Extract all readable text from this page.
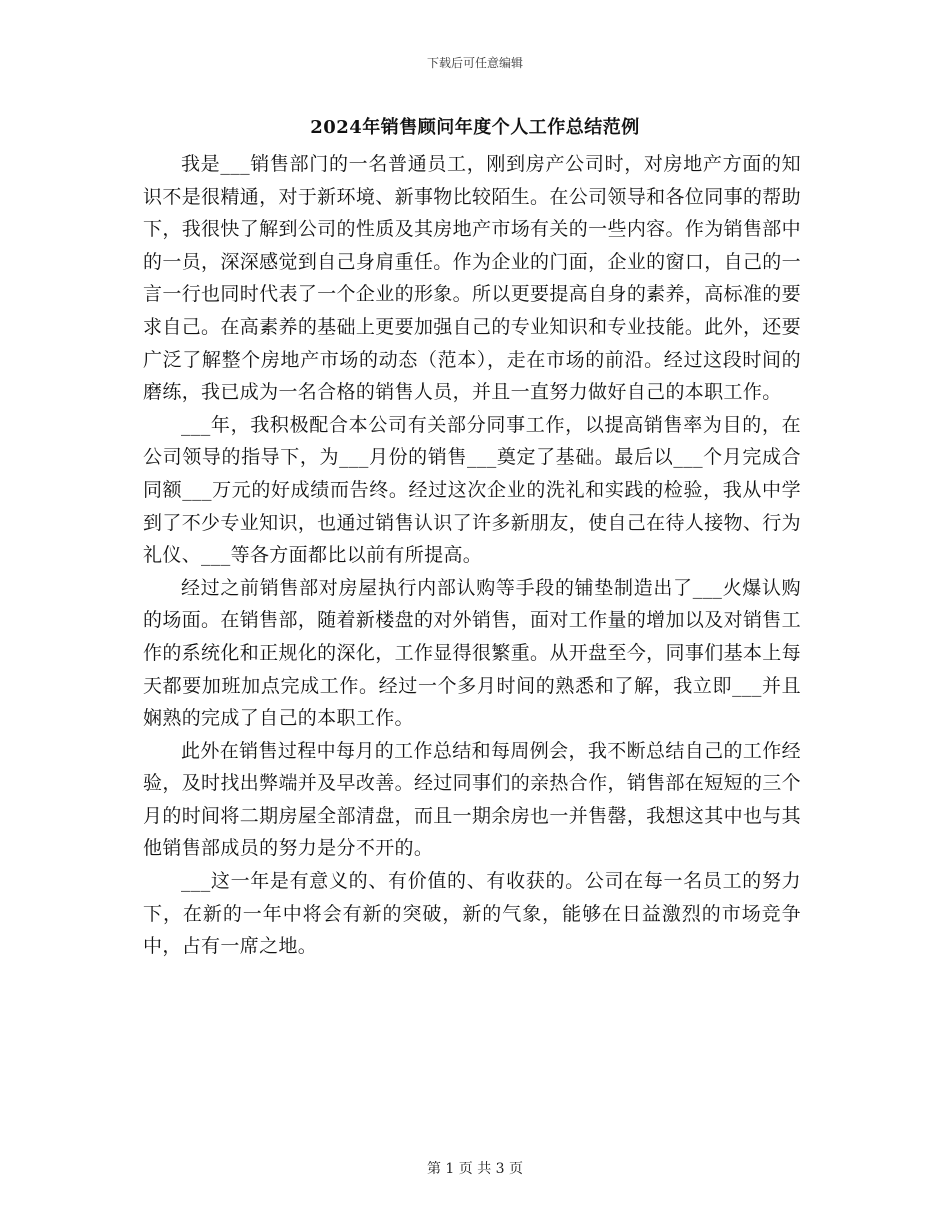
下载后可任意编辑
2024年销售顾问年度个人工作总结范例

我是___销售部门的一名普通员工，刚到房产公司时，对房地产方面的知识不是很精通，对于新环境、新事物比较陌生。在公司领导和各位同事的帮助下，我很快了解到公司的性质及其房地产市场有关的一些内容。作为销售部中的一员，深深感觉到自己身肩重任。作为企业的门面，企业的窗口，自己的一言一行也同时代表了一个企业的形象。所以更要提高自身的素养，高标准的要求自己。在高素养的基础上更要加强自己的专业知识和专业技能。此外，还要广泛了解整个房地产市场的动态（范本），走在市场的前沿。经过这段时间的磨练，我已成为一名合格的销售人员，并且一直努力做好自己的本职工作。

___年，我积极配合本公司有关部分同事工作，以提高销售率为目的，在公司领导的指导下，为___月份的销售___奠定了基础。最后以___个月完成合同额___万元的好成绩而告终。经过这次企业的洗礼和实践的检验，我从中学到了不少专业知识，也通过销售认识了许多新朋友，使自己在待人接物、行为礼仪、___等各方面都比以前有所提高。

经过之前销售部对房屋执行内部认购等手段的铺垫制造出了___火爆认购的场面。在销售部，随着新楼盘的对外销售，面对工作量的增加以及对销售工作的系统化和正规化的深化，工作显得很繁重。从开盘至今，同事们基本上每天都要加班加点完成工作。经过一个多月时间的熟悉和了解，我立即___并且娴熟的完成了自己的本职工作。

此外在销售过程中每月的工作总结和每周例会，我不断总结自己的工作经验，及时找出弊端并及早改善。经过同事们的亲热合作，销售部在短短的三个月的时间将二期房屋全部清盘，而且一期余房也一并售罄，我想这其中也与其他销售部成员的努力是分不开的。

___这一年是有意义的、有价值的、有收获的。公司在每一名员工的努力下，在新的一年中将会有新的突破，新的气象，能够在日益激烈的市场竞争中，占有一席之地。

第 1 页 共 3 页
